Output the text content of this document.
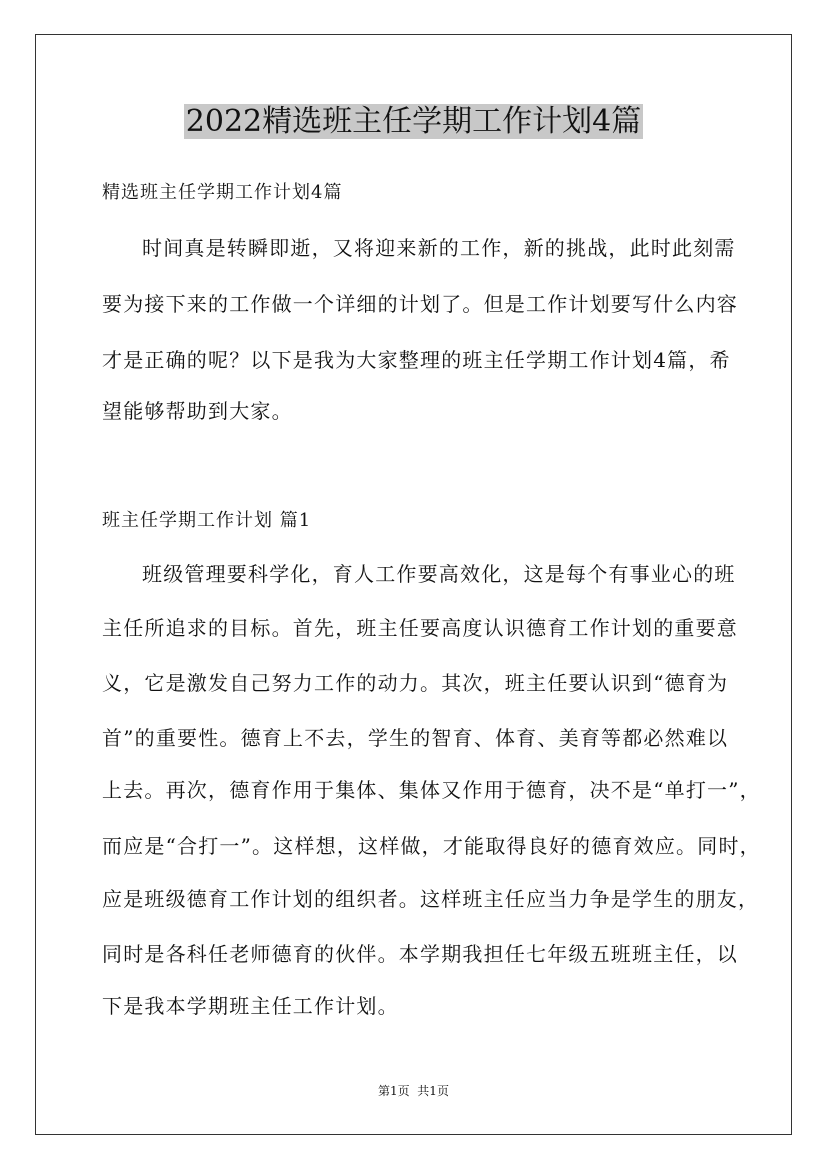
2022精选班主任学期工作计划4篇
精选班主任学期工作计划4篇
时间真是转瞬即逝，又将迎来新的工作，新的挑战，此时此刻需
要为接下来的工作做一个详细的计划了。但是工作计划要写什么内容
才是正确的呢？以下是我为大家整理的班主任学期工作计划4篇，希
望能够帮助到大家。
班主任学期工作计划 篇1
班级管理要科学化，育人工作要高效化，这是每个有事业心的班
主任所追求的目标。首先，班主任要高度认识德育工作计划的重要意
义，它是激发自己努力工作的动力。其次，班主任要认识到“德育为
首”的重要性。德育上不去，学生的智育、体育、美育等都必然难以
上去。再次，德育作用于集体、集体又作用于德育，决不是“单打一”，
而应是“合打一”。这样想，这样做，才能取得良好的德育效应。同时，
应是班级德育工作计划的组织者。这样班主任应当力争是学生的朋友，
同时是各科任老师德育的伙伴。本学期我担任七年级五班班主任，以
下是我本学期班主任工作计划。
第1页  共1页
